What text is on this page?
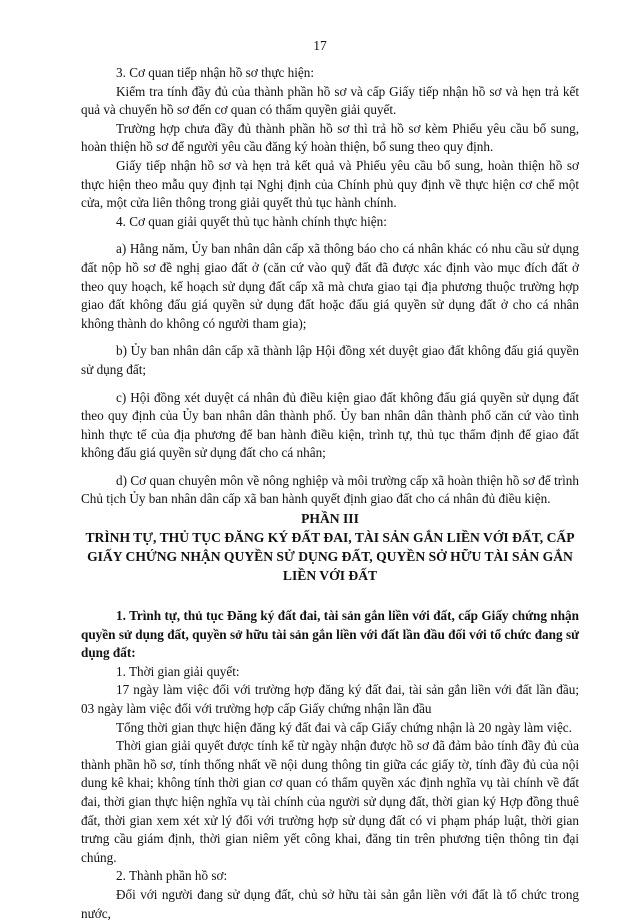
17

3. Cơ quan tiếp nhận hồ sơ thực hiện:

Kiểm tra tính đầy đủ của thành phần hồ sơ và cấp Giấy tiếp nhận hồ sơ và hẹn trả kết quả và chuyển hồ sơ đến cơ quan có thẩm quyền giải quyết.

Trường hợp chưa đầy đủ thành phần hồ sơ thì trả hồ sơ kèm Phiếu yêu cầu bổ sung, hoàn thiện hồ sơ để người yêu cầu đăng ký hoàn thiện, bổ sung theo quy định.

Giấy tiếp nhận hồ sơ và hẹn trả kết quả và Phiếu yêu cầu bổ sung, hoàn thiện hồ sơ thực hiện theo mẫu quy định tại Nghị định của Chính phủ quy định về thực hiện cơ chế một cửa, một cửa liên thông trong giải quyết thủ tục hành chính.

4. Cơ quan giải quyết thủ tục hành chính thực hiện:

a) Hằng năm, Ủy ban nhân dân cấp xã thông báo cho cá nhân khác có nhu cầu sử dụng đất nộp hồ sơ đề nghị giao đất ở (căn cứ vào quỹ đất đã được xác định vào mục đích đất ở theo quy hoạch, kế hoạch sử dụng đất cấp xã mà chưa giao tại địa phương thuộc trường hợp giao đất không đấu giá quyền sử dụng đất hoặc đấu giá quyền sử dụng đất ở cho cá nhân không thành do không có người tham gia);

b) Ủy ban nhân dân cấp xã thành lập Hội đồng xét duyệt giao đất không đấu giá quyền sử dụng đất;

c) Hội đồng xét duyệt cá nhân đủ điều kiện giao đất không đấu giá quyền sử dụng đất theo quy định của Ủy ban nhân dân thành phố. Ủy ban nhân dân thành phố căn cứ vào tình hình thực tế của địa phương để ban hành điều kiện, trình tự, thủ tục thẩm định để giao đất không đấu giá quyền sử dụng đất cho cá nhân;

d) Cơ quan chuyên môn về nông nghiệp và môi trường cấp xã hoàn thiện hồ sơ để trình Chủ tịch Ủy ban nhân dân cấp xã ban hành quyết định giao đất cho cá nhân đủ điều kiện.

PHẦN III
TRÌNH TỰ, THỦ TỤC ĐĂNG KÝ ĐẤT ĐAI, TÀI SẢN GẮN LIỀN VỚI ĐẤT, CẤP GIẤY CHỨNG NHẬN QUYỀN SỬ DỤNG ĐẤT, QUYỀN SỞ HỮU TÀI SẢN GẮN LIỀN VỚI ĐẤT

1. Trình tự, thủ tục Đăng ký đất đai, tài sản gắn liền với đất, cấp Giấy chứng nhận quyền sử dụng đất, quyền sở hữu tài sản gắn liền với đất lần đầu đối với tổ chức đang sử dụng đất:

1. Thời gian giải quyết:

17 ngày làm việc đối với trường hợp đăng ký đất đai, tài sản gắn liền với đất lần đầu; 03 ngày làm việc đối với trường hợp cấp Giấy chứng nhận lần đầu

Tổng thời gian thực hiện đăng ký đất đai và cấp Giấy chứng nhận là 20 ngày làm việc.

Thời gian giải quyết được tính kể từ ngày nhận được hồ sơ đã đảm bảo tính đầy đủ của thành phần hồ sơ, tính thống nhất về nội dung thông tin giữa các giấy tờ, tính đầy đủ của nội dung kê khai; không tính thời gian cơ quan có thẩm quyền xác định nghĩa vụ tài chính về đất đai, thời gian thực hiện nghĩa vụ tài chính của người sử dụng đất, thời gian ký Hợp đồng thuê đất, thời gian xem xét xử lý đối với trường hợp sử dụng đất có vi phạm pháp luật, thời gian trưng cầu giám định, thời gian niêm yết công khai, đăng tin trên phương tiện thông tin đại chúng.

2. Thành phần hồ sơ:

Đối với người đang sử dụng đất, chủ sở hữu tài sản gắn liền với đất là tổ chức trong nước,
